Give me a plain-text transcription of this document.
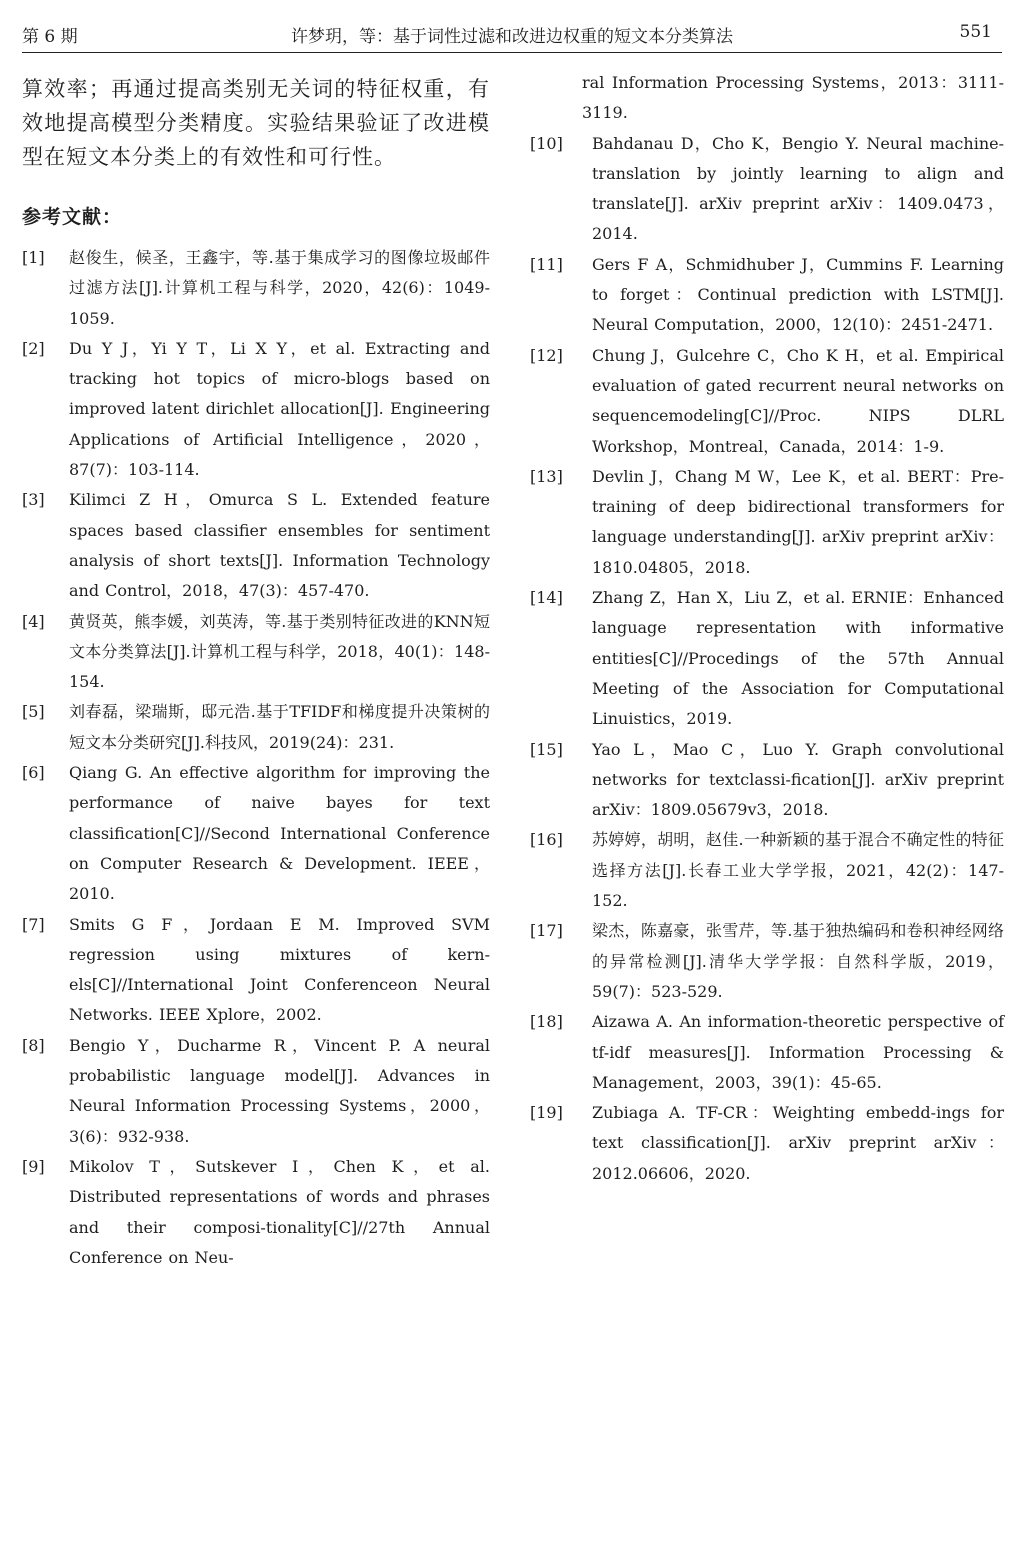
第 6 期	许梦玥，等：基于词性过滤和改进边权重的短文本分类算法	551

算效率；再通过提高类别无关词的特征权重，有效地提高模型分类精度。实验结果验证了改进模型在短文本分类上的有效性和可行性。

参考文献：
[1] 赵俊生，候圣，王鑫宇，等.基于集成学习的图像垃圾邮件过滤方法[J].计算机工程与科学，2020，42(6)：1049-1059.
[2] Du Y J，Yi Y T，Li X Y，et al. Extracting and tracking hot topics of micro-blogs based on improved latent dirichlet allocation[J]. Engineering Applications of Artificial Intelligence，2020，87(7)：103-114.
[3] Kilimci Z H，Omurca S L. Extended feature spaces based classifier ensembles for sentiment analysis of short texts[J]. Information Technology and Control，2018，47(3)：457-470.
[4] 黄贤英，熊李媛，刘英涛，等.基于类别特征改进的KNN短文本分类算法[J].计算机工程与科学，2018，40(1)：148-154.
[5] 刘春磊，梁瑞斯，邸元浩.基于TFIDF和梯度提升决策树的短文本分类研究[J].科技风，2019(24)：231.
[6] Qiang G. An effective algorithm for improving the performance of naive bayes for text classification[C]//Second International Conference on Computer Research & Development. IEEE，2010.
[7] Smits G F，Jordaan E M. Improved SVM regression using mixtures of kern-els[C]//International Joint Conferenceon Neural Networks. IEEE Xplore，2002.
[8] Bengio Y，Ducharme R，Vincent P. A neural probabilistic language model[J]. Advances in Neural Information Processing Systems，2000，3(6)：932-938.
[9] Mikolov T，Sutskever I，Chen K，et al. Distributed representations of words and phrases and their composi-tionality[C]//27th Annual Conference on Neu-
ral Information Processing Systems，2013：3111-3119.
[10] Bahdanau D，Cho K，Bengio Y. Neural machine-translation by jointly learning to align and translate[J]. arXiv preprint arXiv：1409.0473，2014.
[11] Gers F A，Schmidhuber J，Cummins F. Learning to forget：Continual prediction with LSTM[J]. Neural Computation，2000，12(10)：2451-2471.
[12] Chung J，Gulcehre C，Cho K H，et al. Empirical evaluation of gated recurrent neural networks on sequencemodeling[C]//Proc. NIPS DLRL Workshop，Montreal，Canada，2014：1-9.
[13] Devlin J，Chang M W，Lee K，et al. BERT：Pre-training of deep bidirectional transformers for language understanding[J]. arXiv preprint arXiv：1810.04805，2018.
[14] Zhang Z，Han X，Liu Z，et al. ERNIE：Enhanced language representation with informative entities[C]//Procedings of the 57th Annual Meeting of the Association for Computational Linuistics，2019.
[15] Yao L，Mao C，Luo Y. Graph convolutional networks for textclassi-fication[J]. arXiv preprint arXiv：1809.05679v3，2018.
[16] 苏婷婷，胡明，赵佳.一种新颖的基于混合不确定性的特征选择方法[J].长春工业大学学报，2021，42(2)：147-152.
[17] 梁杰，陈嘉豪，张雪芹，等.基于独热编码和卷积神经网络的异常检测[J].清华大学学报：自然科学版，2019，59(7)：523-529.
[18] Aizawa A. An information-theoretic perspective of tf-idf measures[J]. Information Processing & Management，2003，39(1)：45-65.
[19] Zubiaga A. TF-CR：Weighting embedd-ings for text classification[J]. arXiv preprint arXiv：2012.06606，2020.
